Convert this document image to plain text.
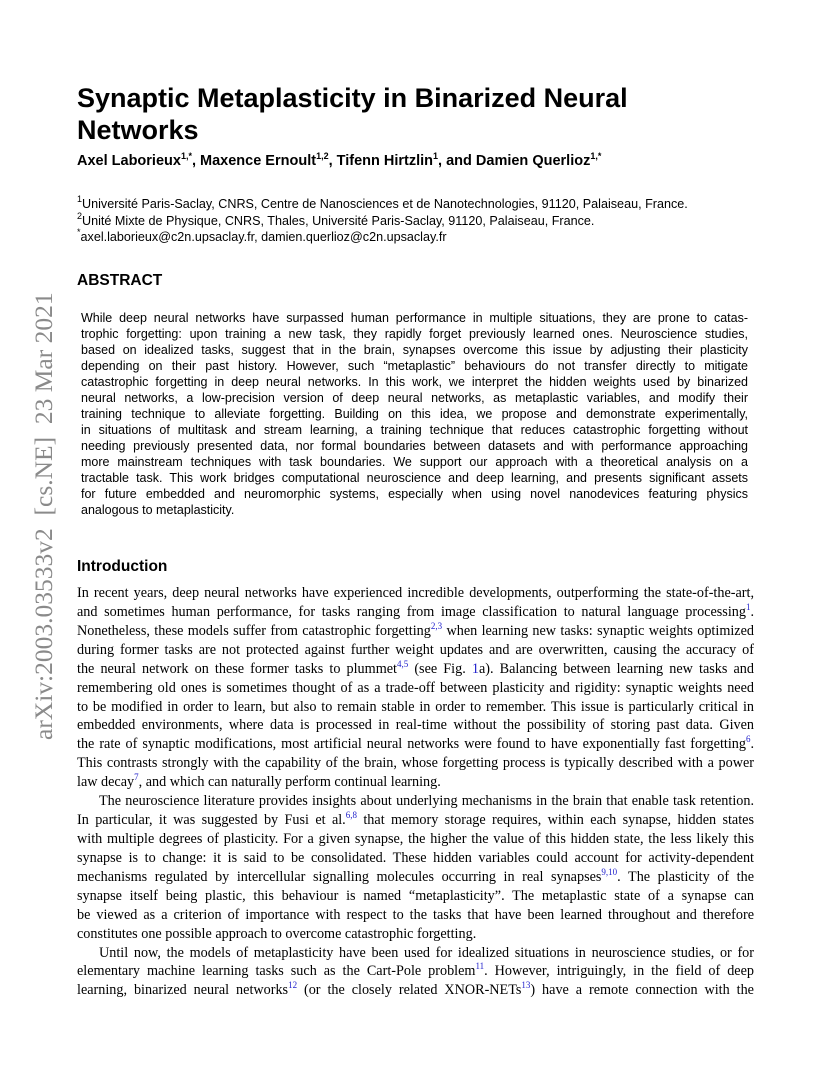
arXiv:2003.03533v2  [cs.NE]  23 Mar 2021
Synaptic Metaplasticity in Binarized Neural Networks
Axel Laborieux$^{1,*}$, Maxence Ernoult$^{1,2}$, Tifenn Hirtzlin$^1$, and Damien Querlioz$^{1,*}$
$^1$Université Paris-Saclay, CNRS, Centre de Nanosciences et de Nanotechnologies, 91120, Palaiseau, France.
$^2$Unité Mixte de Physique, CNRS, Thales, Université Paris-Saclay, 91120, Palaiseau, France.
*axel.laborieux@c2n.upsaclay.fr, damien.querlioz@c2n.upsaclay.fr
ABSTRACT
While deep neural networks have surpassed human performance in multiple situations, they are prone to catas-
trophic forgetting: upon training a new task, they rapidly forget previously learned ones. Neuroscience studies,
based on idealized tasks, suggest that in the brain, synapses overcome this issue by adjusting their plasticity
depending on their past history. However, such “metaplastic” behaviours do not transfer directly to mitigate
catastrophic forgetting in deep neural networks. In this work, we interpret the hidden weights used by binarized
neural networks, a low-precision version of deep neural networks, as metaplastic variables, and modify their
training technique to alleviate forgetting. Building on this idea, we propose and demonstrate experimentally,
in situations of multitask and stream learning, a training technique that reduces catastrophic forgetting without
needing previously presented data, nor formal boundaries between datasets and with performance approaching
more mainstream techniques with task boundaries. We support our approach with a theoretical analysis on a
tractable task. This work bridges computational neuroscience and deep learning, and presents significant assets
for future embedded and neuromorphic systems, especially when using novel nanodevices featuring physics
analogous to metaplasticity.
Introduction
In recent years, deep neural networks have experienced incredible developments, outperforming the state-of-the-art,
and sometimes human performance, for tasks ranging from image classification to natural language processing$^1$.
Nonetheless, these models suffer from catastrophic forgetting$^{2,3}$ when learning new tasks: synaptic weights optimized
during former tasks are not protected against further weight updates and are overwritten, causing the accuracy of
the neural network on these former tasks to plummet$^{4,5}$ (see Fig. 1a). Balancing between learning new tasks and
remembering old ones is sometimes thought of as a trade-off between plasticity and rigidity: synaptic weights need
to be modified in order to learn, but also to remain stable in order to remember. This issue is particularly critical in
embedded environments, where data is processed in real-time without the possibility of storing past data. Given
the rate of synaptic modifications, most artificial neural networks were found to have exponentially fast forgetting$^6$.
This contrasts strongly with the capability of the brain, whose forgetting process is typically described with a power
law decay$^7$, and which can naturally perform continual learning.
The neuroscience literature provides insights about underlying mechanisms in the brain that enable task retention.
In particular, it was suggested by Fusi et al.$^{6,8}$ that memory storage requires, within each synapse, hidden states
with multiple degrees of plasticity. For a given synapse, the higher the value of this hidden state, the less likely this
synapse is to change: it is said to be consolidated. These hidden variables could account for activity-dependent
mechanisms regulated by intercellular signalling molecules occurring in real synapses$^{9,10}$. The plasticity of the
synapse itself being plastic, this behaviour is named “metaplasticity”. The metaplastic state of a synapse can
be viewed as a criterion of importance with respect to the tasks that have been learned throughout and therefore
constitutes one possible approach to overcome catastrophic forgetting.
Until now, the models of metaplasticity have been used for idealized situations in neuroscience studies, or for
elementary machine learning tasks such as the Cart-Pole problem$^{11}$. However, intriguingly, in the field of deep
learning, binarized neural networks$^{12}$ (or the closely related XNOR-NETs$^{13}$) have a remote connection with the
